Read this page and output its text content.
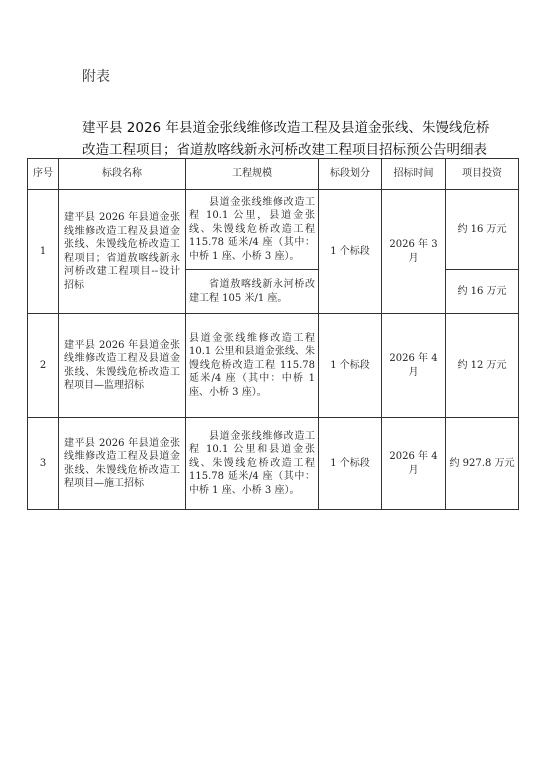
附表
建平县 2026 年县道金张线维修改造工程及县道金张线、朱馒线危桥
改造工程项目；省道敖喀线新永河桥改建工程项目招标预公告明细表
序号	标段名称	工程规模	标段划分	招标时间	项目投资
1	建平县 2026 年县道金张线维修改造工程及县道金张线、朱馒线危桥改造工程项目；省道敖喀线新永河桥改建工程项目--设计招标	县道金张线维修改造工程 10.1 公里，县道金张线、朱馒线危桥改造工程 115.78 延米/4 座（其中：中桥 1 座、小桥 3 座）。	1 个标段	2026 年 3 月	约 16 万元
		省道敖喀线新永河桥改建工程 105 米/1 座。			约 16 万元
2	建平县 2026 年县道金张线维修改造工程及县道金张线、朱馒线危桥改造工程项目—监理招标	县道金张线维修改造工程 10.1 公里和县道金张线、朱馒线危桥改造工程 115.78 延米/4 座（其中：中桥 1 座、小桥 3 座）。	1 个标段	2026 年 4 月	约 12 万元
3	建平县 2026 年县道金张线维修改造工程及县道金张线、朱馒线危桥改造工程项目—施工招标	县道金张线维修改造工程 10.1 公里和县道金张线、朱馒线危桥改造工程 115.78 延米/4 座（其中：中桥 1 座、小桥 3 座）。	1 个标段	2026 年 4 月	约 927.8 万元
